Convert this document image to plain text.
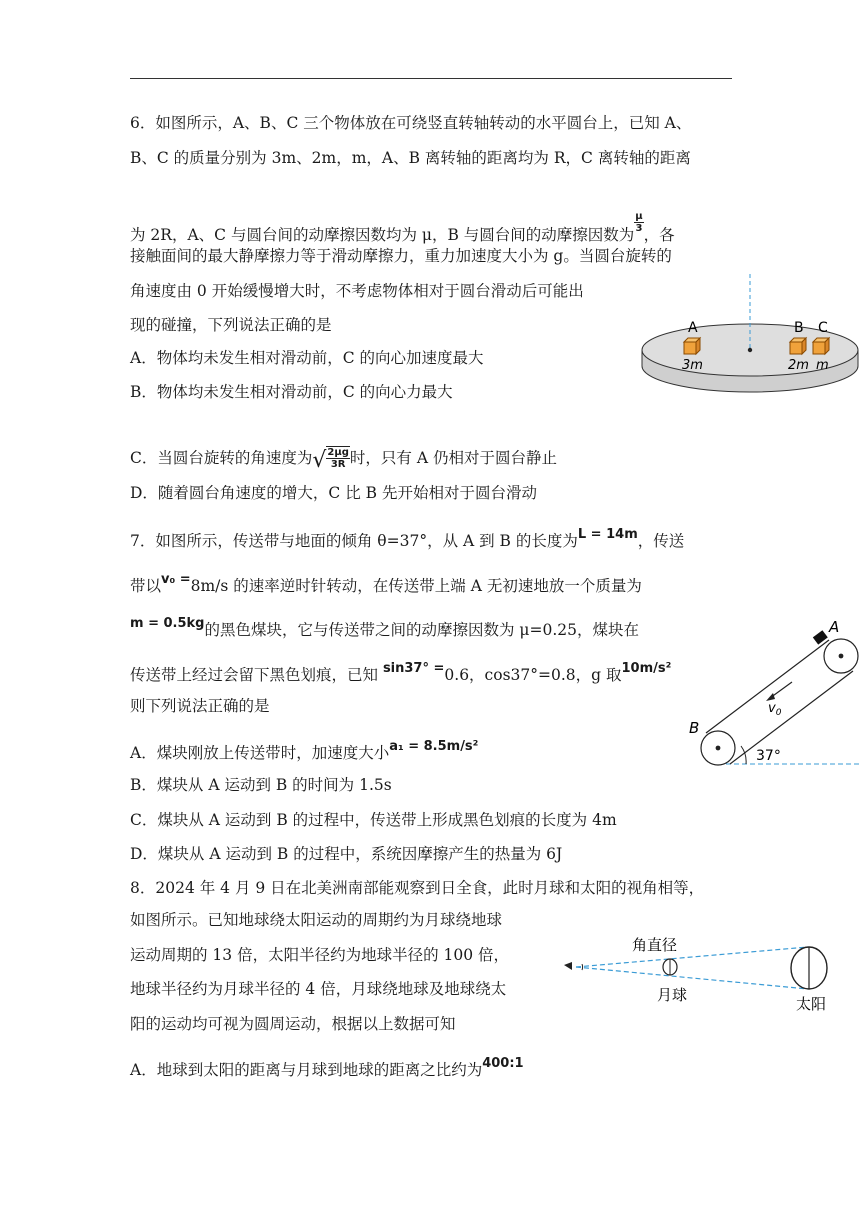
6．如图所示，A、B、C 三个物体放在可绕竖直转轴转动的水平圆台上，已知 A、
B、C 的质量分别为 3m、2m，m，A、B 离转轴的距离均为 R，C 离转轴的距离
为 2R，A、C 与圆台间的动摩擦因数均为 μ，B 与圆台间的动摩擦因数为
$\frac{\mu}{3}$
，各
接触面间的最大静摩擦力等于滑动摩擦力，重力加速度大小为 g。当圆台旋转的
角速度由 0 开始缓慢增大时，不考虑物体相对于圆台滑动后可能出
现的碰撞，下列说法正确的是
A．物体均未发生相对滑动前，C 的向心加速度最大
B．物体均未发生相对滑动前，C 的向心力最大
C．当圆台旋转的角速度为 √ $\frac{2\mu g}{3R}$ 时，只有 A 仍相对于圆台静止
D．随着圆台角速度的增大，C 比 B 先开始相对于圆台滑动
A	B C
3m	2m m
7．如图所示，传送带与地面的倾角 θ=37°，从 A 到 B 的长度为$^{L = 14m}$，传送
带以$^{v_0 =}$8m/s 的速率逆时针转动，在传送带上端 A 无初速地放一个质量为
$^{m = 0.5kg}$的黑色煤块，它与传送带之间的动摩擦因数为 μ=0.25，煤块在
传送带上经过会留下黑色划痕，已知 $^{sin37^\circ =}$0.6，cos37°=0.8，g 取$^{10m/s^2}$
则下列说法正确的是
A．煤块刚放上传送带时，加速度大小$^{a_1 = 8.5m/s^2}$
B．煤块从 A 运动到 B 的时间为 1.5s
C．煤块从 A 运动到 B 的过程中，传送带上形成黑色划痕的长度为 4m
D．煤块从 A 运动到 B 的过程中，系统因摩擦产生的热量为 6J
$v_0$
37°
B
A
8．2024 年 4 月 9 日在北美洲南部能观察到日全食，此时月球和太阳的视角相等，
如图所示。已知地球绕太阳运动的周期约为月球绕地球
运动周期的 13 倍，太阳半径约为地球半径的 100 倍，
地球半径约为月球半径的 4 倍，月球绕地球及地球绕太
阳的运动均可视为圆周运动，根据以上数据可知
A．地球到太阳的距离与月球到地球的距离之比约为$^{400:1}$
角直径
月球	太阳
